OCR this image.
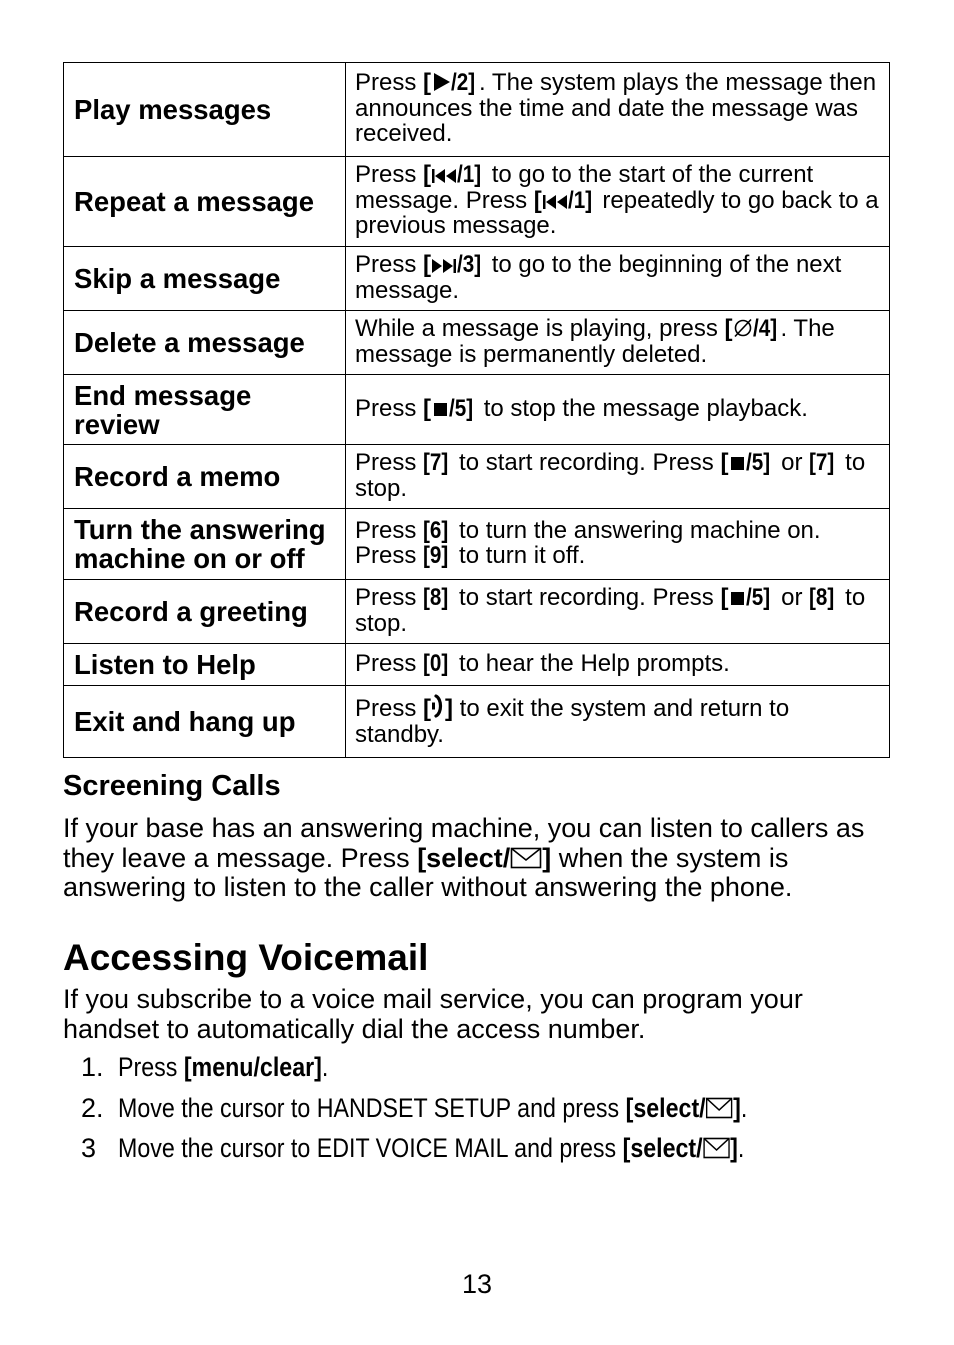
Play messages	Press [ /2] . The system plays the message then announces the time and date the message was received.
Repeat a message	Press [ /1] to go to the start of the current message. Press [ /1] repeatedly to go back to a previous message.
Skip a message	Press [ /3] to go to the beginning of the next message.
Delete a message	While a message is playing, press [ /4] . The message is permanently deleted.
End message review	Press [ /5] to stop the message playback.
Record a memo	Press [7] to start recording. Press [ /5] or [7] to stop.
Turn the answering machine on or off	Press [6] to turn the answering machine on. Press [9] to turn it off.
Record a greeting	Press [8] to start recording. Press [ /5] or [8] to stop.
Listen to Help	Press [0] to hear the Help prompts.
Exit and hang up	Press [ ] to exit the system and return to standby.
Screening Calls

If your base has an answering machine, you can listen to callers as they leave a message. Press [select/ ] when the system is answering to listen to the caller without answering the phone.

Accessing Voicemail

If you subscribe to a voice mail service, you can program your handset to automatically dial the access number.

1. Press [menu/clear].
2. Move the cursor to HANDSET SETUP and press [select/ ].
3 Move the cursor to EDIT VOICE MAIL and press [select/ ].
13
